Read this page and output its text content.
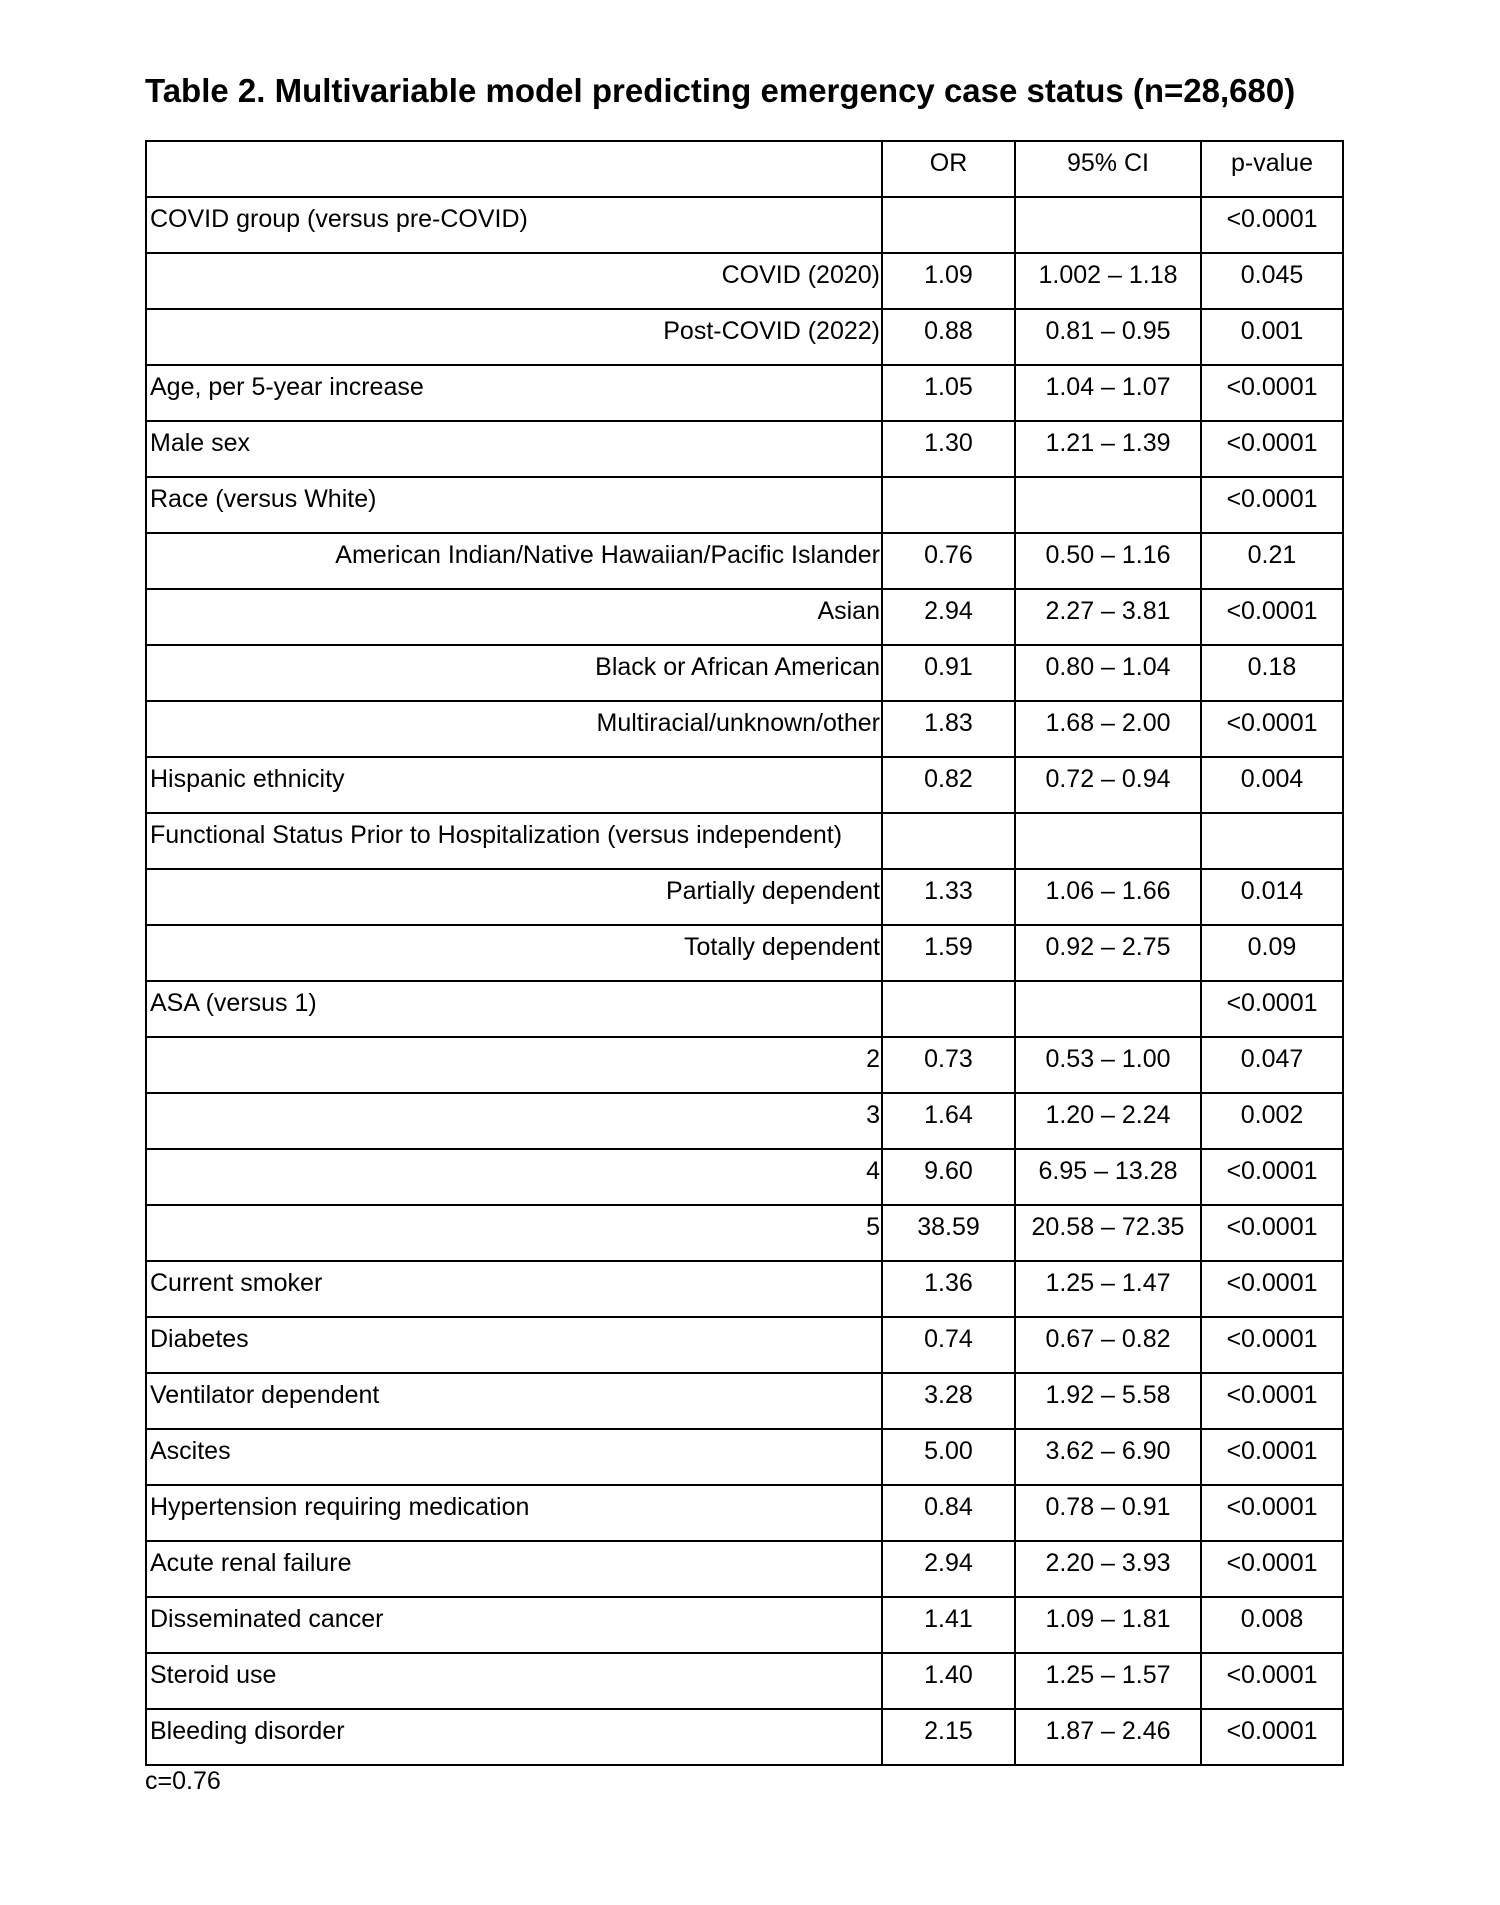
Table 2. Multivariable model predicting emergency case status (n=28,680)
	OR	95% CI	p-value
COVID group (versus pre-COVID)			<0.0001
COVID (2020)	1.09	1.002 – 1.18	0.045
Post-COVID (2022)	0.88	0.81 – 0.95	0.001
Age, per 5-year increase	1.05	1.04 – 1.07	<0.0001
Male sex	1.30	1.21 – 1.39	<0.0001
Race (versus White)			<0.0001
American Indian/Native Hawaiian/Pacific Islander	0.76	0.50 – 1.16	0.21
Asian	2.94	2.27 – 3.81	<0.0001
Black or African American	0.91	0.80 – 1.04	0.18
Multiracial/unknown/other	1.83	1.68 – 2.00	<0.0001
Hispanic ethnicity	0.82	0.72 – 0.94	0.004
Functional Status Prior to Hospitalization (versus independent)			
Partially dependent	1.33	1.06 – 1.66	0.014
Totally dependent	1.59	0.92 – 2.75	0.09
ASA (versus 1)			<0.0001
2	0.73	0.53 – 1.00	0.047
3	1.64	1.20 – 2.24	0.002
4	9.60	6.95 – 13.28	<0.0001
5	38.59	20.58 – 72.35	<0.0001
Current smoker	1.36	1.25 – 1.47	<0.0001
Diabetes	0.74	0.67 – 0.82	<0.0001
Ventilator dependent	3.28	1.92 – 5.58	<0.0001
Ascites	5.00	3.62 – 6.90	<0.0001
Hypertension requiring medication	0.84	0.78 – 0.91	<0.0001
Acute renal failure	2.94	2.20 – 3.93	<0.0001
Disseminated cancer	1.41	1.09 – 1.81	0.008
Steroid use	1.40	1.25 – 1.57	<0.0001
Bleeding disorder	2.15	1.87 – 2.46	<0.0001

c=0.76
